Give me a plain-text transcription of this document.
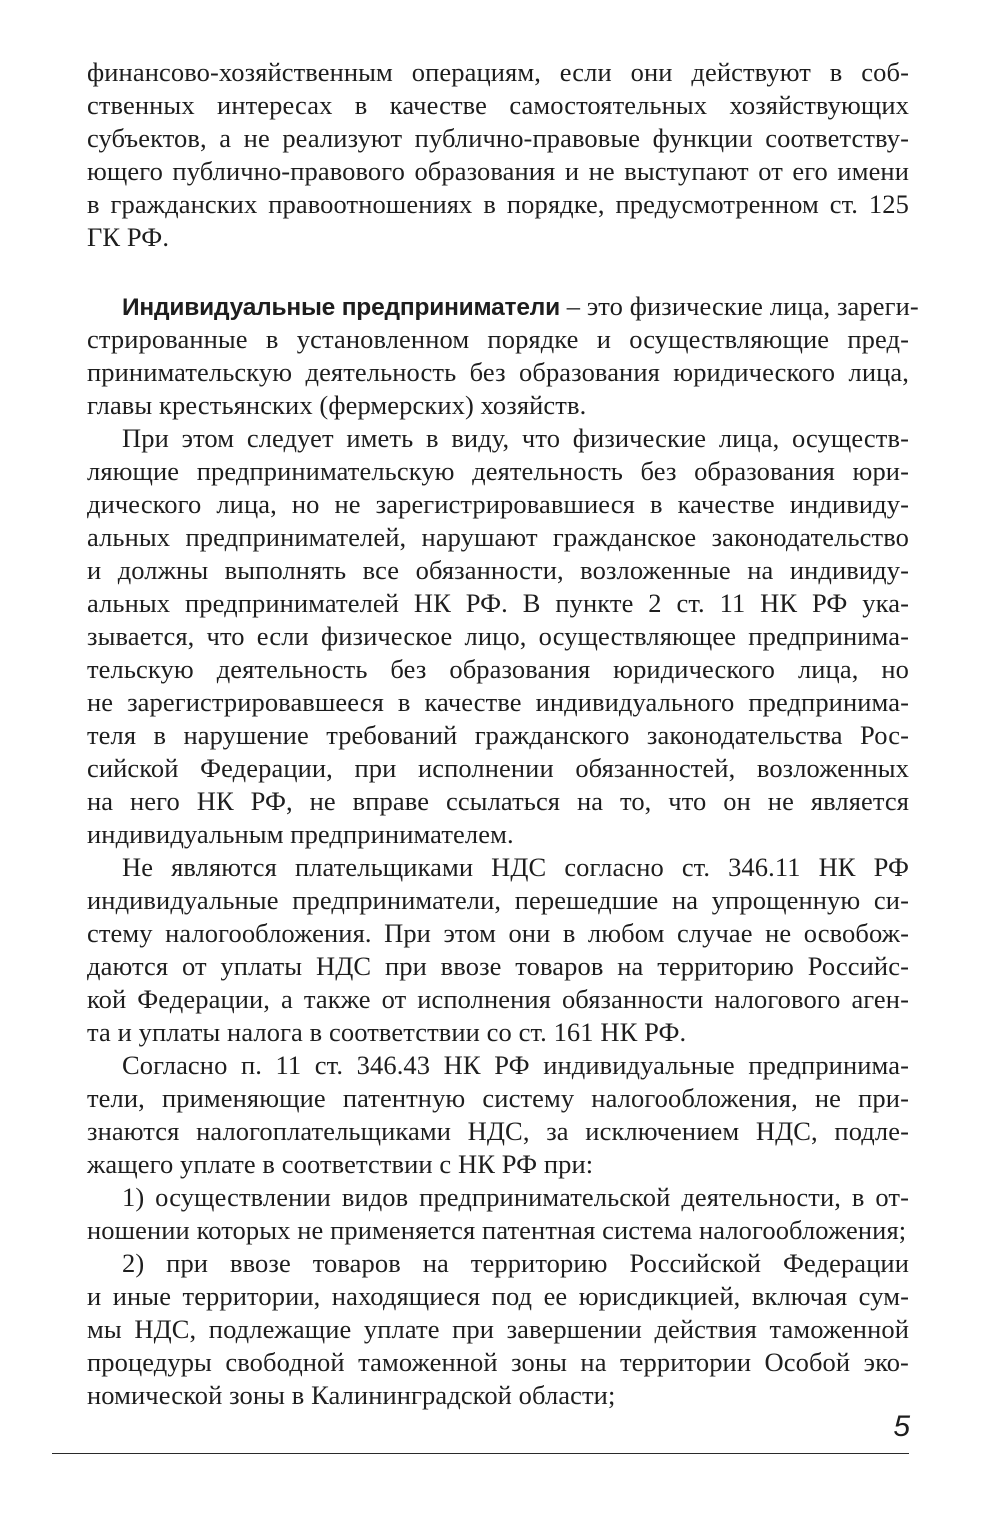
финансово-хозяйственным операциям, если они действуют в соб-
ственных интересах в качестве самостоятельных хозяйствующих
субъектов, а не реализуют публично-правовые функции соответству-
ющего публично-правового образования и не выступают от его имени
в гражданских правоотношениях в порядке, предусмотренном ст. 125
ГК РФ.
Индивидуальные предприниматели – это физические лица, зареги-
стрированные в установленном порядке и осуществляющие пред-
принимательскую деятельность без образования юридического лица,
главы крестьянских (фермерских) хозяйств.
При этом следует иметь в виду, что физические лица, осуществ-
ляющие предпринимательскую деятельность без образования юри-
дического лица, но не зарегистрировавшиеся в качестве индивиду-
альных предпринимателей, нарушают гражданское законодательство
и должны выполнять все обязанности, возложенные на индивиду-
альных предпринимателей НК РФ. В пункте 2 ст. 11 НК РФ ука-
зывается, что если физическое лицо, осуществляющее предпринима-
тельскую деятельность без образования юридического лица, но
не зарегистрировавшееся в качестве индивидуального предпринима-
теля в нарушение требований гражданского законодательства Рос-
сийской Федерации, при исполнении обязанностей, возложенных
на него НК РФ, не вправе ссылаться на то, что он не является
индивидуальным предпринимателем.
Не являются плательщиками НДС согласно ст. 346.11 НК РФ
индивидуальные предприниматели, перешедшие на упрощенную си-
стему налогообложения. При этом они в любом случае не освобож-
даются от уплаты НДС при ввозе товаров на территорию Российс-
кой Федерации, а также от исполнения обязанности налогового аген-
та и уплаты налога в соответствии со ст. 161 НК РФ.
Согласно п. 11 ст. 346.43 НК РФ индивидуальные предпринима-
тели, применяющие патентную систему налогообложения, не при-
знаются налогоплательщиками НДС, за исключением НДС, подле-
жащего уплате в соответствии с НК РФ при:
1) осуществлении видов предпринимательской деятельности, в от-
ношении которых не применяется патентная система налогообложения;
2) при ввозе товаров на территорию Российской Федерации
и иные территории, находящиеся под ее юрисдикцией, включая сум-
мы НДС, подлежащие уплате при завершении действия таможенной
процедуры свободной таможенной зоны на территории Особой эко-
номической зоны в Калининградской области;
5
